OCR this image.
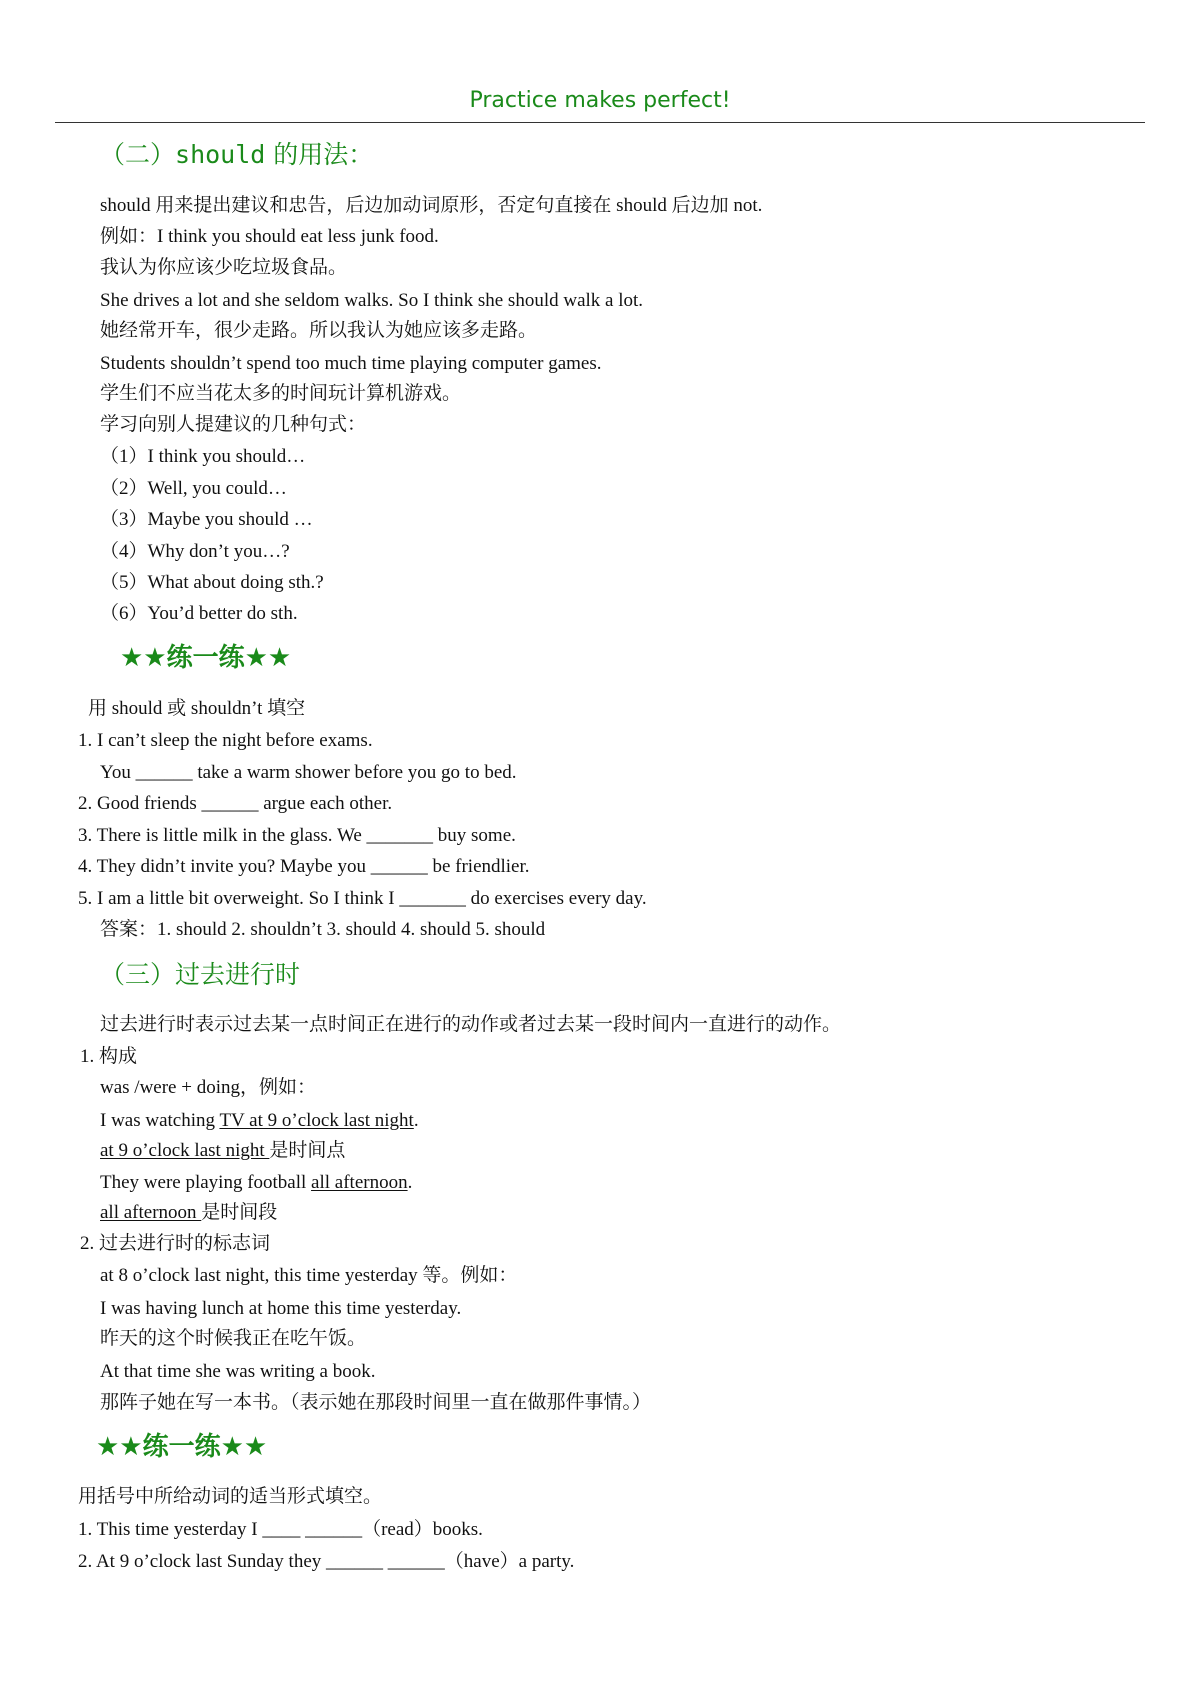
Practice makes perfect!
（二）should 的用法：
should 用来提出建议和忠告，后边加动词原形，否定句直接在 should 后边加 not.
例如：I think you should eat less junk food.
我认为你应该少吃垃圾食品。
She drives a lot and she seldom walks. So I think she should walk a lot.
她经常开车，很少走路。所以我认为她应该多走路。
Students shouldn’t spend too much time playing computer games.
学生们不应当花太多的时间玩计算机游戏。
学习向别人提建议的几种句式：
（1）I think you should…
（2）Well, you could…
（3）Maybe you should …
（4）Why don’t you…?
（5）What about doing sth.?
（6）You’d better do sth.
★★练一练★★
用 should 或 shouldn’t 填空
1. I can’t sleep the night before exams.
You ______ take a warm shower before you go to bed.
2. Good friends ______ argue each other.
3. There is little milk in the glass. We _______ buy some.
4. They didn’t invite you? Maybe you ______ be friendlier.
5. I am a little bit overweight. So I think I _______ do exercises every day.
答案：1. should 2. shouldn’t 3. should 4. should 5. should
（三）过去进行时
过去进行时表示过去某一点时间正在进行的动作或者过去某一段时间内一直进行的动作。
1. 构成
was /were + doing，例如：
I was watching TV at 9 o’clock last night.
at 9 o’clock last night 是时间点
They were playing football all afternoon.
all afternoon 是时间段
2. 过去进行时的标志词
at 8 o’clock last night, this time yesterday 等。例如：
I was having lunch at home this time yesterday.
昨天的这个时候我正在吃午饭。
At that time she was writing a book.
那阵子她在写一本书。（表示她在那段时间里一直在做那件事情。）
★★练一练★★
用括号中所给动词的适当形式填空。
1. This time yesterday I ____ ______（read）books.
2. At 9 o’clock last Sunday they ______ ______（have）a party.
